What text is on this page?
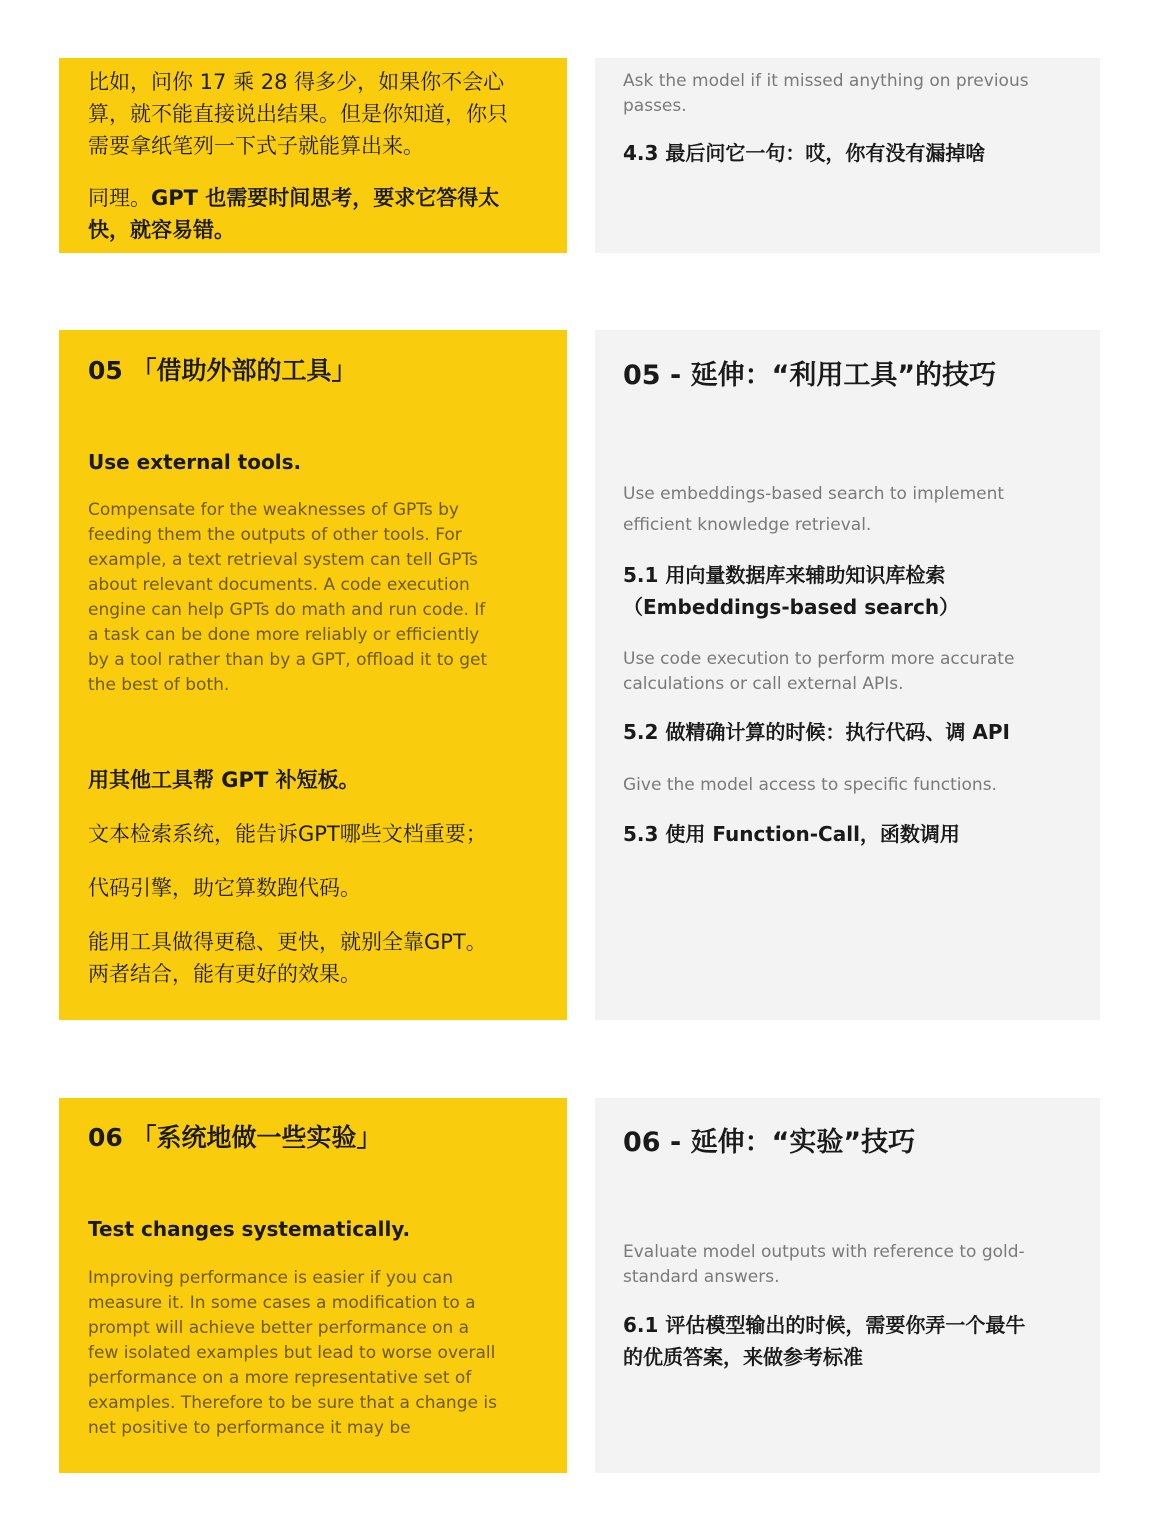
比如，问你 17 乘 28 得多少，如果你不会心
算，就不能直接说出结果。但是你知道，你只
需要拿纸笔列一下式子就能算出来。

同理。GPT 也需要时间思考，要求它答得太
快，就容易错。

Ask the model if it missed anything on previous
passes.

4.3 最后问它一句：哎，你有没有漏掉啥

05 「借助外部的工具」

Use external tools.

Compensate for the weaknesses of GPTs by
feeding them the outputs of other tools. For
example, a text retrieval system can tell GPTs
about relevant documents. A code execution
engine can help GPTs do math and run code. If
a task can be done more reliably or efficiently
by a tool rather than by a GPT, offload it to get
the best of both.

用其他工具帮 GPT 补短板。

文本检索系统，能告诉GPT哪些文档重要；

代码引擎，助它算数跑代码。

能用工具做得更稳、更快，就别全靠GPT。
两者结合，能有更好的效果。

05 - 延伸：“利用工具”的技巧

Use embeddings-based search to implement
efficient knowledge retrieval.

5.1 用向量数据库来辅助知识库检索
（Embeddings-based search）

Use code execution to perform more accurate
calculations or call external APIs.

5.2 做精确计算的时候：执行代码、调 API

Give the model access to specific functions.

5.3 使用 Function-Call，函数调用

06 「系统地做一些实验」

Test changes systematically.

Improving performance is easier if you can
measure it. In some cases a modification to a
prompt will achieve better performance on a
few isolated examples but lead to worse overall
performance on a more representative set of
examples. Therefore to be sure that a change is
net positive to performance it may be

06 - 延伸：“实验”技巧

Evaluate model outputs with reference to gold-
standard answers.

6.1 评估模型输出的时候，需要你弄一个最牛
的优质答案，来做参考标准
